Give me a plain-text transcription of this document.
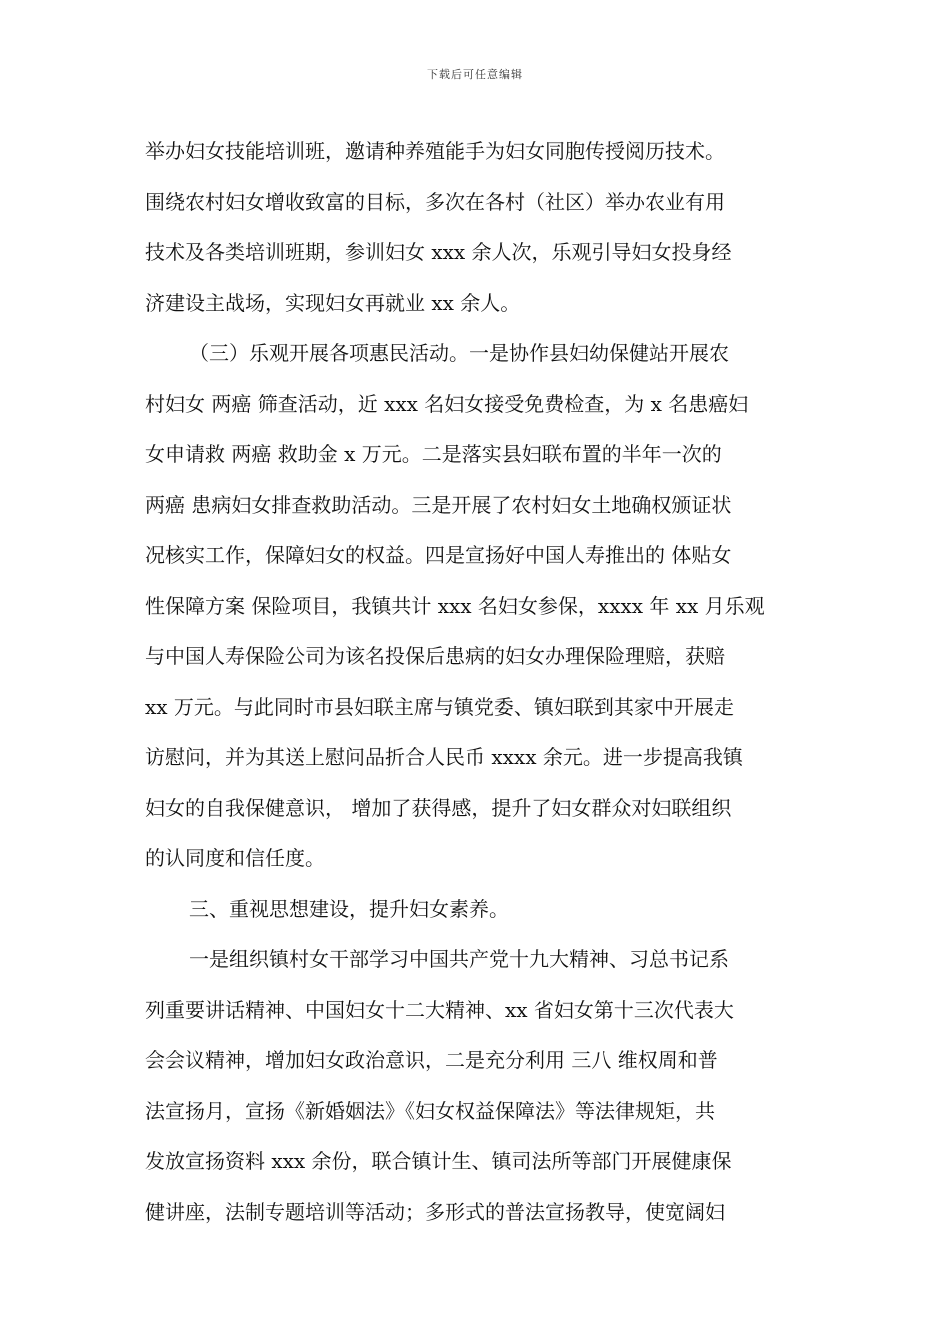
下载后可任意编辑
举办妇女技能培训班，邀请种养殖能手为妇女同胞传授阅历技术。
围绕农村妇女增收致富的目标，多次在各村（社区）举办农业有用
技术及各类培训班期，参训妇女 xxx 余人次，乐观引导妇女投身经
济建设主战场，实现妇女再就业 xx 余人。
（三）乐观开展各项惠民活动。一是协作县妇幼保健站开展农
村妇女 两癌 筛查活动，近 xxx 名妇女接受免费检查，为 x 名患癌妇
女申请救 两癌 救助金 x 万元。二是落实县妇联布置的半年一次的
两癌 患病妇女排查救助活动。三是开展了农村妇女土地确权颁证状
况核实工作，保障妇女的权益。四是宣扬好中国人寿推出的 体贴女
性保障方案 保险项目，我镇共计 xxx 名妇女参保，xxxx 年 xx 月乐观
与中国人寿保险公司为该名投保后患病的妇女办理保险理赔，获赔
xx 万元。与此同时市县妇联主席与镇党委、镇妇联到其家中开展走
访慰问，并为其送上慰问品折合人民币 xxxx 余元。进一步提高我镇
妇女的自我保健意识， 增加了获得感，提升了妇女群众对妇联组织
的认同度和信任度。
三、重视思想建设，提升妇女素养。
一是组织镇村女干部学习中国共产党十九大精神、习总书记系
列重要讲话精神、中国妇女十二大精神、xx 省妇女第十三次代表大
会会议精神，增加妇女政治意识，二是充分利用 三八 维权周和普
法宣扬月，宣扬《新婚姻法》《妇女权益保障法》等法律规矩，共
发放宣扬资料 xxx 余份，联合镇计生、镇司法所等部门开展健康保
健讲座，法制专题培训等活动；多形式的普法宣扬教导，使宽阔妇
